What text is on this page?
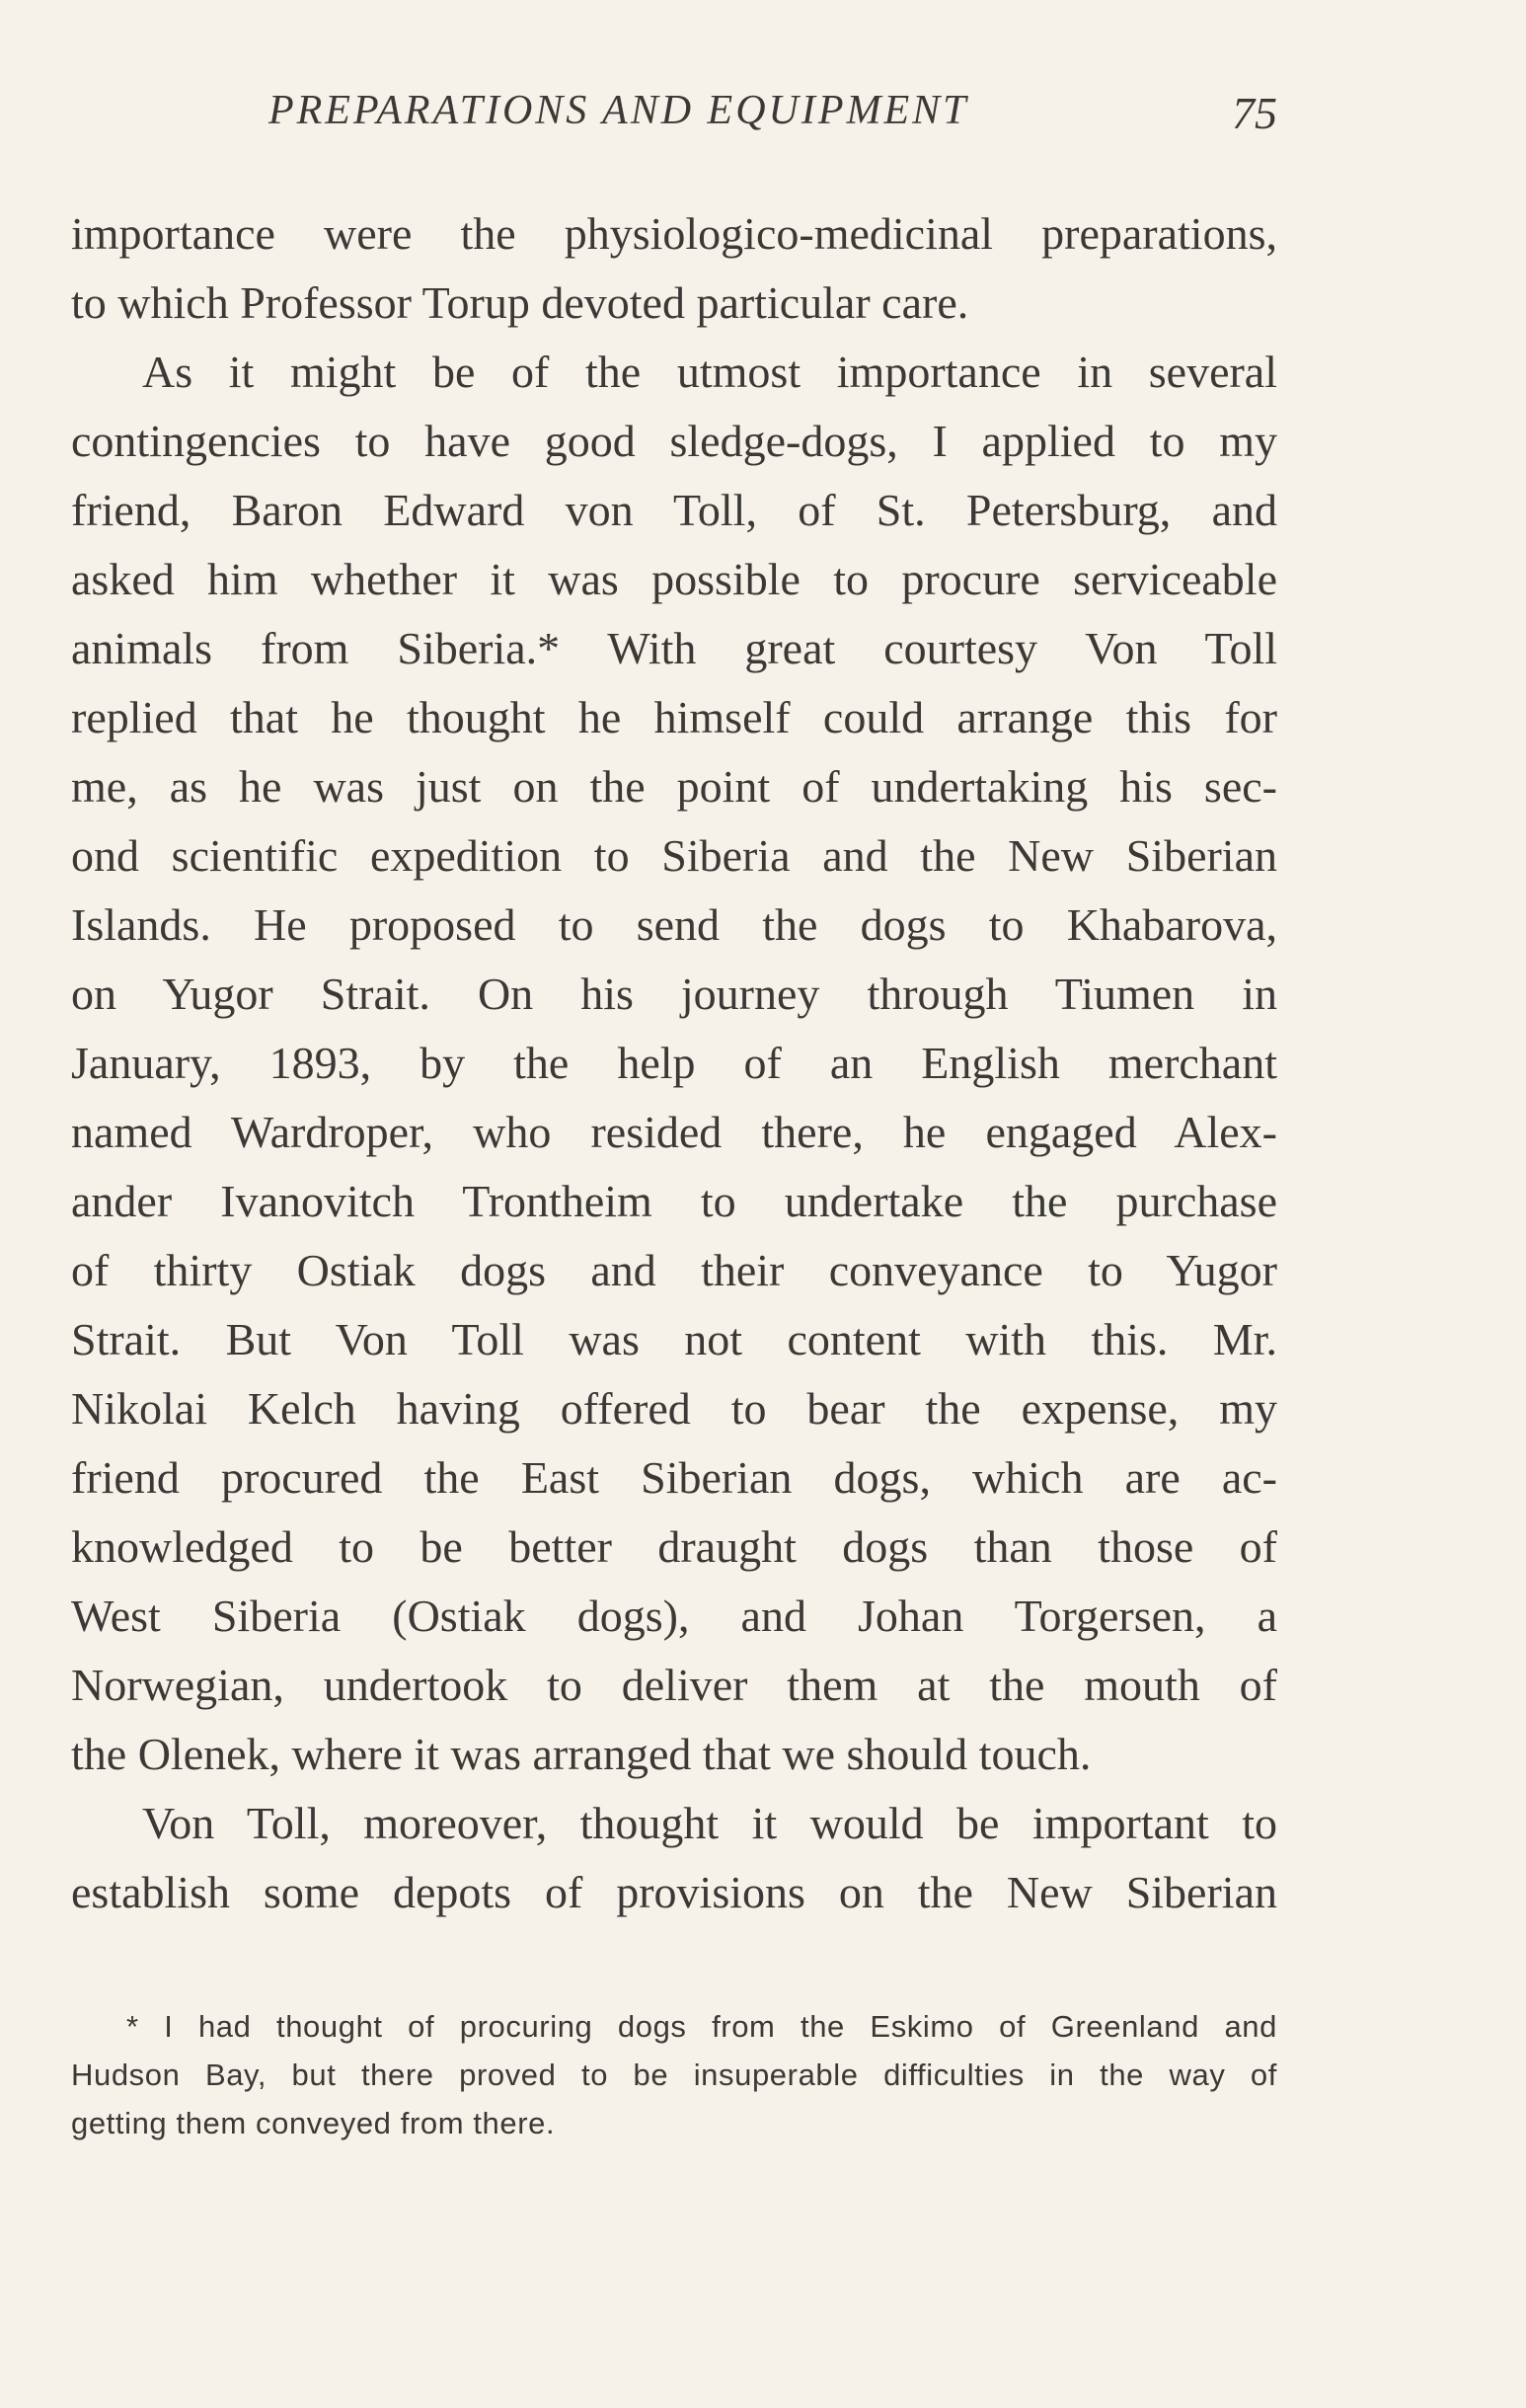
PREPARATIONS AND EQUIPMENT	75
importance were the physiologico-medicinal preparations,
to which Professor Torup devoted particular care.
As it might be of the utmost importance in several
contingencies to have good sledge-dogs, I applied to my
friend, Baron Edward von Toll, of St. Petersburg, and
asked him whether it was possible to procure serviceable
animals from Siberia.* With great courtesy Von Toll
replied that he thought he himself could arrange this for
me, as he was just on the point of undertaking his sec-
ond scientific expedition to Siberia and the New Siberian
Islands. He proposed to send the dogs to Khabarova,
on Yugor Strait. On his journey through Tiumen in
January, 1893, by the help of an English merchant
named Wardroper, who resided there, he engaged Alex-
ander Ivanovitch Trontheim to undertake the purchase
of thirty Ostiak dogs and their conveyance to Yugor
Strait. But Von Toll was not content with this. Mr.
Nikolai Kelch having offered to bear the expense, my
friend procured the East Siberian dogs, which are ac-
knowledged to be better draught dogs than those of
West Siberia (Ostiak dogs), and Johan Torgersen, a
Norwegian, undertook to deliver them at the mouth of
the Olenek, where it was arranged that we should touch.
Von Toll, moreover, thought it would be important to
establish some depots of provisions on the New Siberian
* I had thought of procuring dogs from the Eskimo of Greenland and
Hudson Bay, but there proved to be insuperable difficulties in the way of
getting them conveyed from there.
